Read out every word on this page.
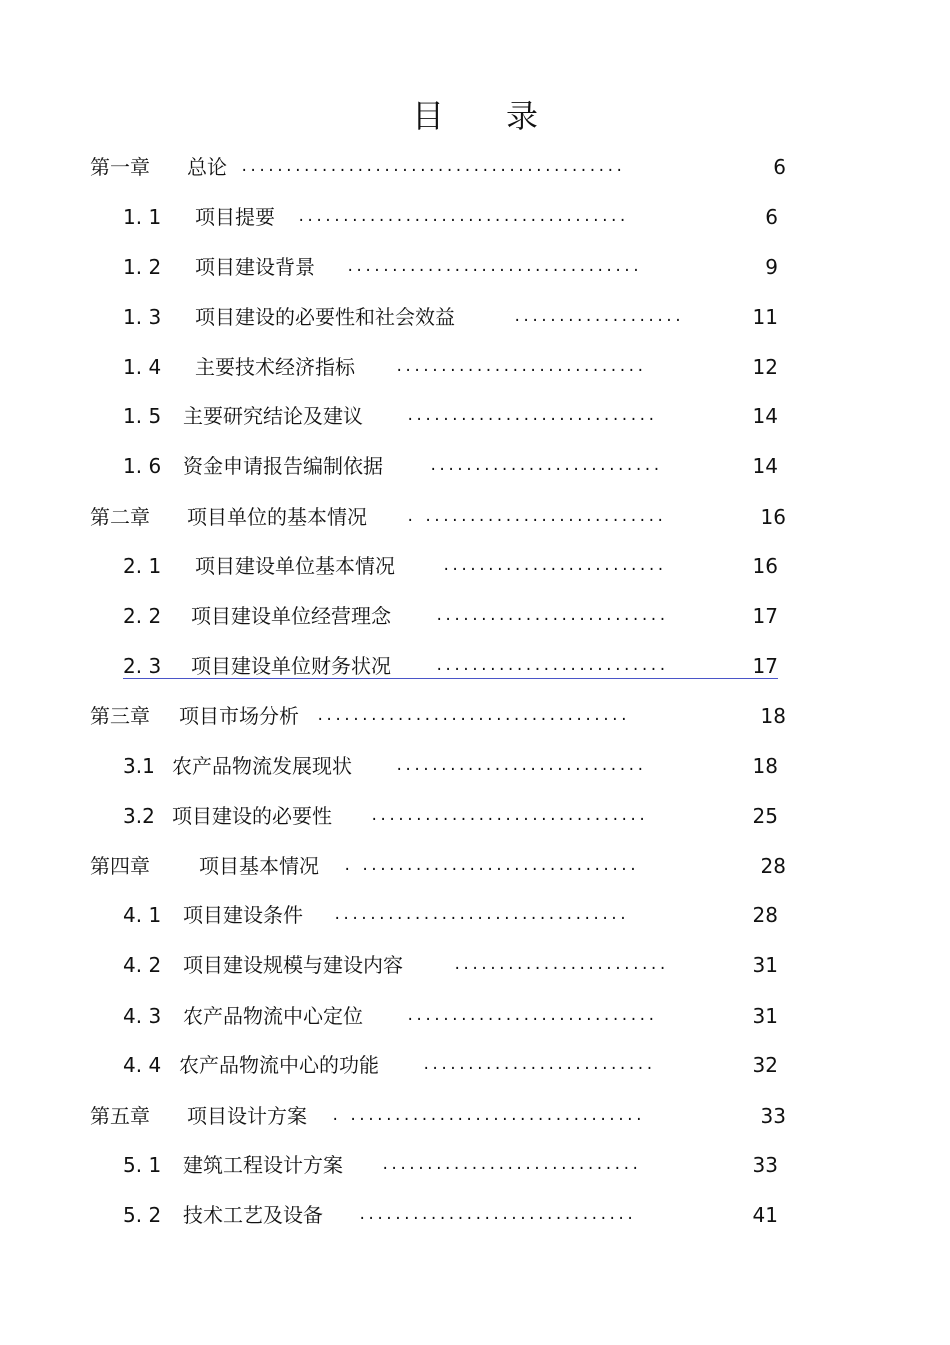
目 录
第一章 总论 ...........................................	6
1. 1 项目提要 .....................................	6
1. 2 项目建设背景 .................................	9
1. 3 项目建设的必要性和社会效益	...................	11
1. 4 主要技术经济指标	............................	12
1. 5 主要研究结论及建议	............................	14
1. 6 资金申请报告编制依据	..........................	14
第二章 项目单位的基本情况	. ...........................	16
2. 1 项目建设单位基本情况	.........................	16
2. 2 项目建设单位经营理念	..........................	17
2. 3 项目建设单位财务状况	..........................	17
第三章 项目市场分析 ...................................	18
3.1 农产品物流发展现状	............................	18
3.2 项目建设的必要性	...............................	25
第四章 项目基本情况 . ...............................	28
4. 1 项目建设条件 .................................	28
4. 2 项目建设规模与建设内容	........................	31
4. 3 农产品物流中心定位	............................	31
4. 4 农产品物流中心的功能	..........................	32
第五章 项目设计方案 . .................................	33
5. 1 建筑工程设计方案	.............................	33
5. 2 技术工艺及设备	...............................	41
